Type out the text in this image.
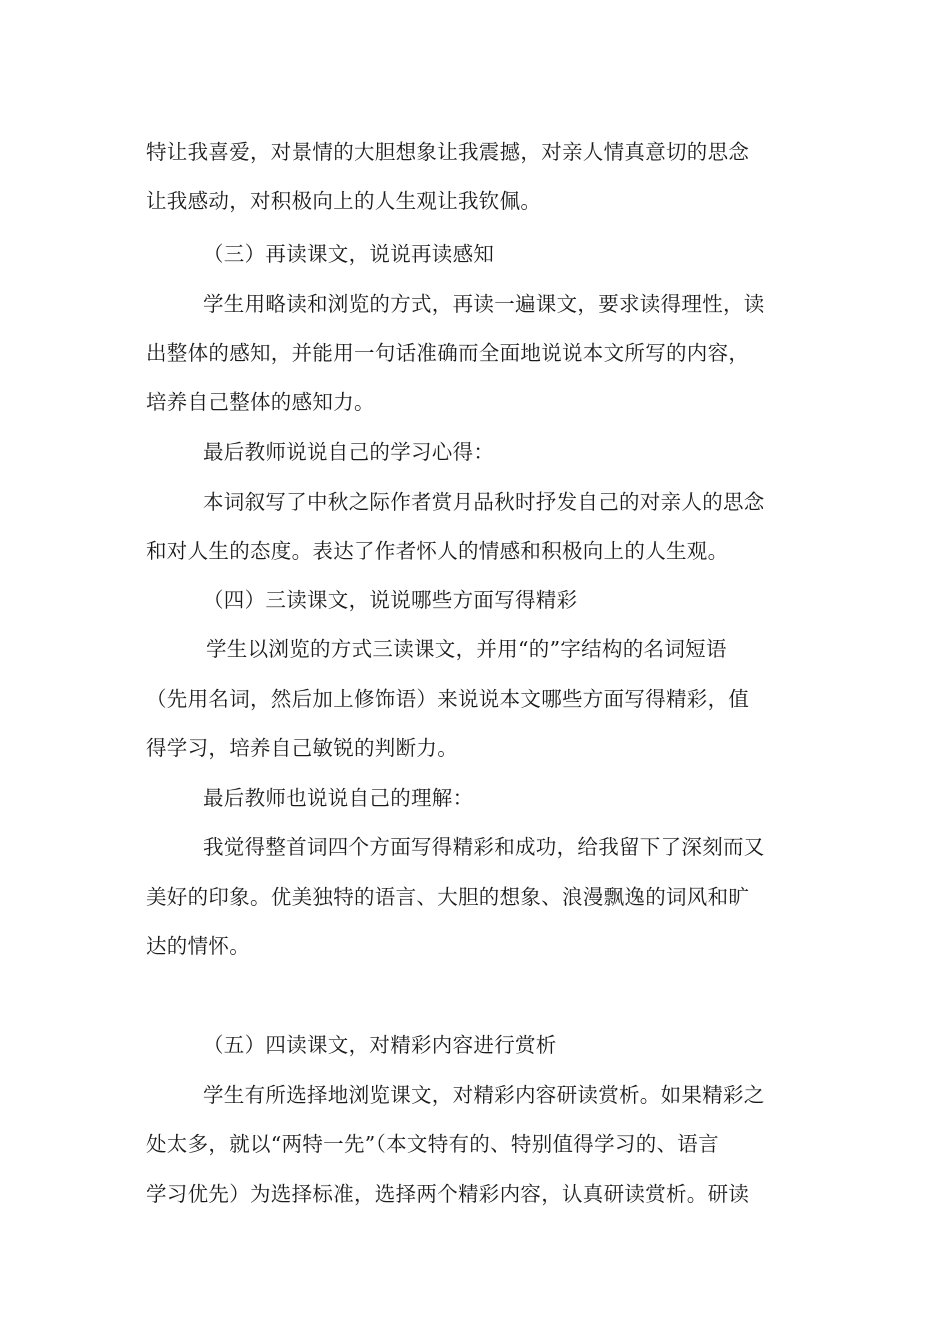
特让我喜爱，对景情的大胆想象让我震撼，对亲人情真意切的思念
让我感动，对积极向上的人生观让我钦佩。
（三）再读课文，说说再读感知
学生用略读和浏览的方式，再读一遍课文，要求读得理性，读
出整体的感知，并能用一句话准确而全面地说说本文所写的内容，
培养自己整体的感知力。
最后教师说说自己的学习心得：
本词叙写了中秋之际作者赏月品秋时抒发自己的对亲人的思念
和对人生的态度。表达了作者怀人的情感和积极向上的人生观。
（四）三读课文，说说哪些方面写得精彩
学生以浏览的方式三读课文，并用“的”字结构的名词短语
（先用名词，然后加上修饰语）来说说本文哪些方面写得精彩，值
得学习，培养自己敏锐的判断力。
最后教师也说说自己的理解：
我觉得整首词四个方面写得精彩和成功，给我留下了深刻而又
美好的印象。优美独特的语言、大胆的想象、浪漫飘逸的词风和旷
达的情怀。
（五）四读课文，对精彩内容进行赏析
学生有所选择地浏览课文，对精彩内容研读赏析。如果精彩之
处太多，就以“两特一先”（本文特有的、特别值得学习的、语言
学习优先）为选择标准，选择两个精彩内容，认真研读赏析。研读
